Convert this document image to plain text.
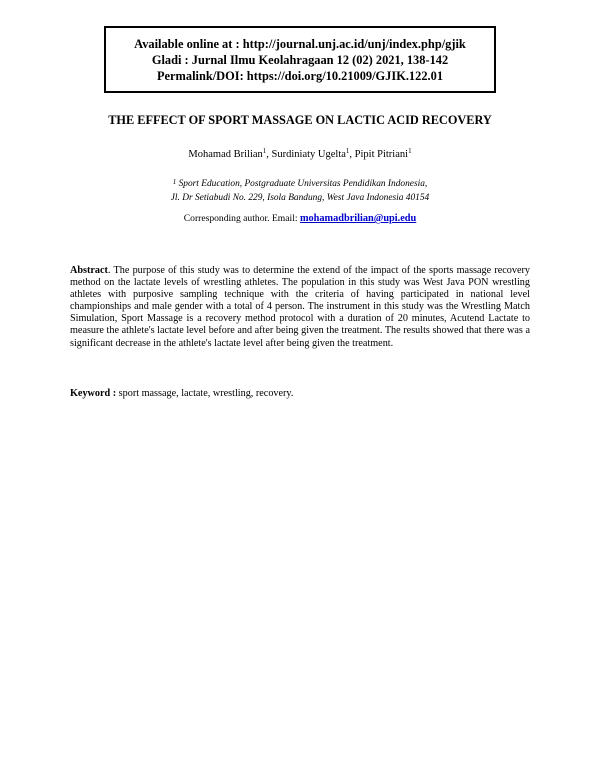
Available online at : http://journal.unj.ac.id/unj/index.php/gjik
Gladi : Jurnal Ilmu Keolahragaan 12 (02) 2021, 138-142
Permalink/DOI: https://doi.org/10.21009/GJIK.122.01
THE EFFECT OF SPORT MASSAGE ON LACTIC ACID RECOVERY
Mohamad Brilian$^1$, Surdiniaty Ugelta$^1$, Pipit Pitriani$^1$
$^1$ Sport Education, Postgraduate Universitas Pendidikan Indonesia,
Jl. Dr Setiabudi No. 229, Isola Bandung, West Java Indonesia 40154
Corresponding author. Email: mohamadbrilian@upi.edu
Abstract. The purpose of this study was to determine the extend of the impact of the sports massage recovery method on the lactate levels of wrestling athletes. The population in this study was West Java PON wrestling athletes with purposive sampling technique with the criteria of having participated in national level championships and male gender with a total of 4 person. The instrument in this study was the Wrestling Match Simulation, Sport Massage is a recovery method protocol with a duration of 20 minutes, Acutend Lactate to measure the athlete's lactate level before and after being given the treatment. The results showed that there was a significant decrease in the athlete's lactate level after being given the treatment.
Keyword : sport massage, lactate, wrestling, recovery.
